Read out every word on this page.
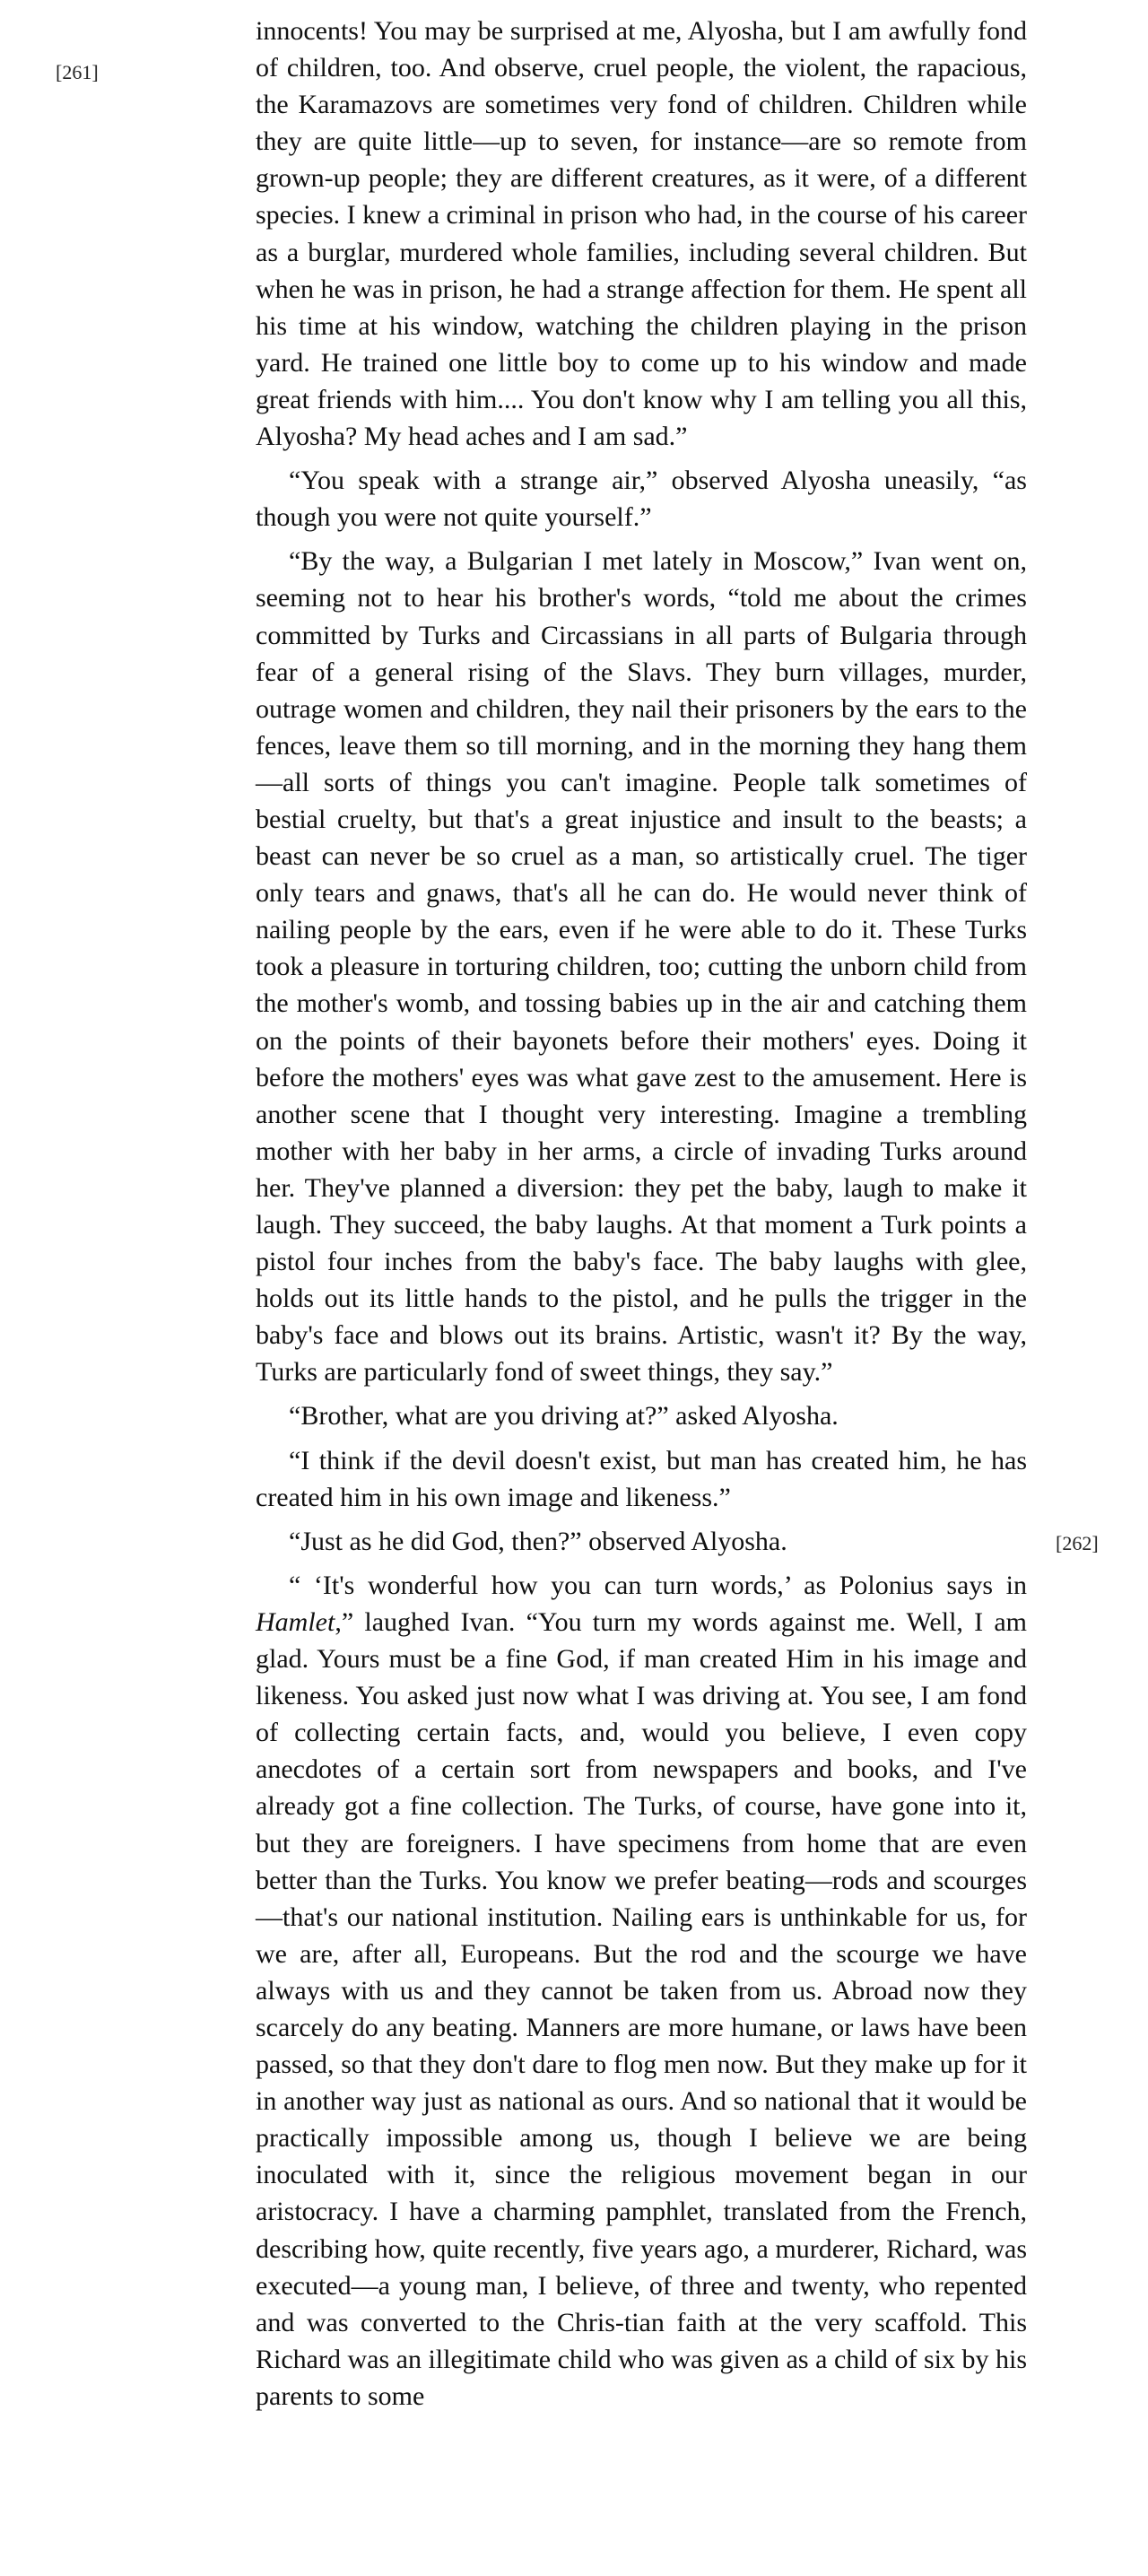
[261]
[262]

innocents! You may be surprised at me, Alyosha, but I am awfully fond of children, too. And observe, cruel people, the violent, the rapacious, the Karamazovs are sometimes very fond of children. Children while they are quite little—up to seven, for instance—are so remote from grown-up people; they are different creatures, as it were, of a different species. I knew a criminal in prison who had, in the course of his career as a burglar, murdered whole families, including several children. But when he was in prison, he had a strange affection for them. He spent all his time at his window, watching the children playing in the prison yard. He trained one little boy to come up to his window and made great friends with him.... You don't know why I am telling you all this, Alyosha? My head aches and I am sad.”

“You speak with a strange air,” observed Alyosha uneasily, “as though you were not quite yourself.”

“By the way, a Bulgarian I met lately in Moscow,” Ivan went on, seeming not to hear his brother's words, “told me about the crimes committed by Turks and Circassians in all parts of Bulgaria through fear of a general rising of the Slavs. They burn villages, murder, outrage women and children, they nail their prisoners by the ears to the fences, leave them so till morning, and in the morning they hang them—all sorts of things you can't imagine. People talk sometimes of bestial cruelty, but that's a great injustice and insult to the beasts; a beast can never be so cruel as a man, so artistically cruel. The tiger only tears and gnaws, that's all he can do. He would never think of nailing people by the ears, even if he were able to do it. These Turks took a pleasure in torturing children, too; cutting the unborn child from the mother's womb, and tossing babies up in the air and catching them on the points of their bayonets before their mothers' eyes. Doing it before the mothers' eyes was what gave zest to the amusement. Here is another scene that I thought very interesting. Imagine a trembling mother with her baby in her arms, a circle of invading Turks around her. They've planned a diversion: they pet the baby, laugh to make it laugh. They succeed, the baby laughs. At that moment a Turk points a pistol four inches from the baby's face. The baby laughs with glee, holds out its little hands to the pistol, and he pulls the trigger in the baby's face and blows out its brains. Artistic, wasn't it? By the way, Turks are particularly fond of sweet things, they say.”

“Brother, what are you driving at?” asked Alyosha.

“I think if the devil doesn't exist, but man has created him, he has created him in his own image and likeness.”

“Just as he did God, then?” observed Alyosha.

“ ‘It's wonderful how you can turn words,’ as Polonius says in Hamlet,” laughed Ivan. “You turn my words against me. Well, I am glad. Yours must be a fine God, if man created Him in his image and likeness. You asked just now what I was driving at. You see, I am fond of collecting certain facts, and, would you believe, I even copy anecdotes of a certain sort from newspapers and books, and I've already got a fine collection. The Turks, of course, have gone into it, but they are foreigners. I have specimens from home that are even better than the Turks. You know we prefer beating—rods and scourges—that's our national institution. Nailing ears is unthinkable for us, for we are, after all, Europeans. But the rod and the scourge we have always with us and they cannot be taken from us. Abroad now they scarcely do any beating. Manners are more humane, or laws have been passed, so that they don't dare to flog men now. But they make up for it in another way just as national as ours. And so national that it would be practically impossible among us, though I believe we are being inoculated with it, since the religious movement began in our aristocracy. I have a charming pamphlet, translated from the French, describing how, quite recently, five years ago, a murderer, Richard, was executed—a young man, I believe, of three and twenty, who repented and was converted to the Chris-tian faith at the very scaffold. This Richard was an illegitimate child who was given as a child of six by his parents to some
